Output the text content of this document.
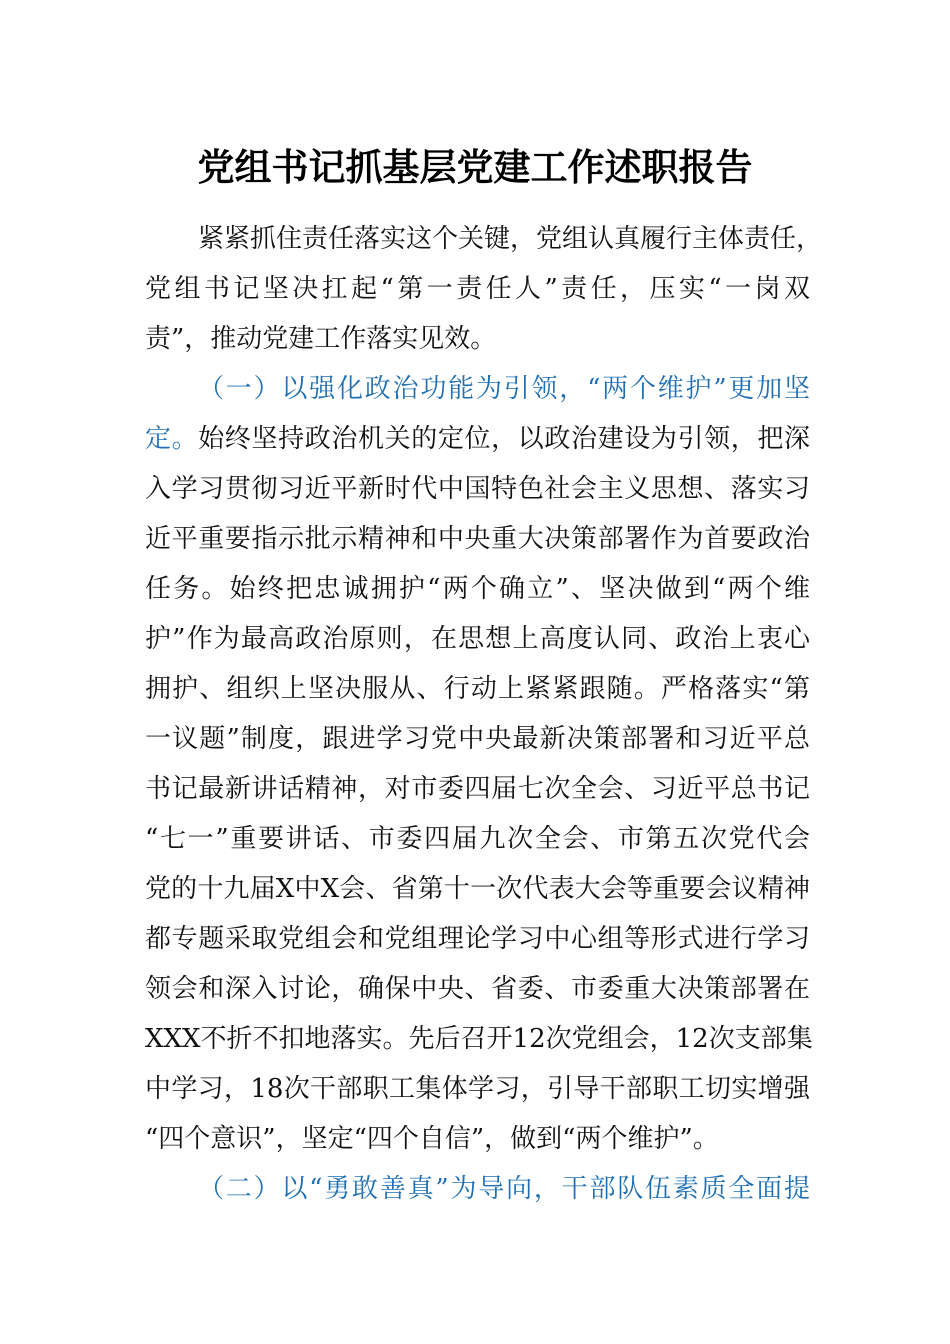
党组书记抓基层党建工作述职报告
紧紧抓住责任落实这个关键，党组认真履行主体责任，
党组书记坚决扛起“第一责任人”责任，压实“一岗双
责”，推动党建工作落实见效。
（一）以强化政治功能为引领，“两个维护”更加坚
定。始终坚持政治机关的定位，以政治建设为引领，把深
入学习贯彻习近平新时代中国特色社会主义思想、落实习
近平重要指示批示精神和中央重大决策部署作为首要政治
任务。始终把忠诚拥护“两个确立”、坚决做到“两个维
护”作为最高政治原则，在思想上高度认同、政治上衷心
拥护、组织上坚决服从、行动上紧紧跟随。严格落实“第
一议题”制度，跟进学习党中央最新决策部署和习近平总
书记最新讲话精神，对市委四届七次全会、习近平总书记
“七一”重要讲话、市委四届九次全会、市第五次党代会
党的十九届X中X会、省第十一次代表大会等重要会议精神
都专题采取党组会和党组理论学习中心组等形式进行学习
领会和深入讨论，确保中央、省委、市委重大决策部署在
XXX不折不扣地落实。先后召开12次党组会，12次支部集
中学习，18次干部职工集体学习，引导干部职工切实增强
“四个意识”，坚定“四个自信”，做到“两个维护”。
（二）以“勇敢善真”为导向，干部队伍素质全面提
